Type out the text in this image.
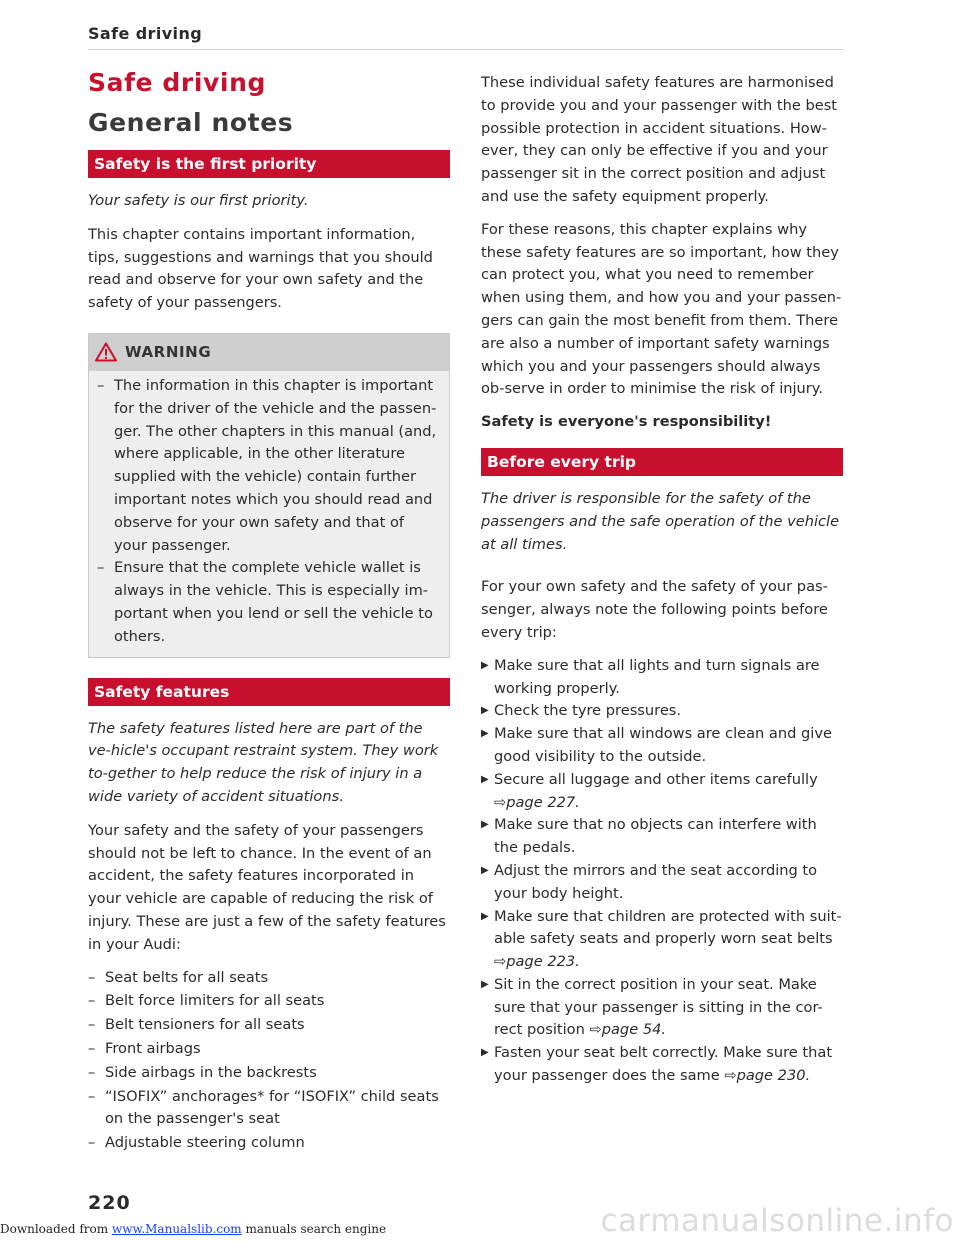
Safe driving
Safe driving
General notes
Safety is the first priority

Your safety is our first priority.

This chapter contains important information, tips, suggestions and warnings that you should read and observe for your own safety and the safety of your passengers.

WARNING
– The information in this chapter is important for the driver of the vehicle and the passen-ger. The other chapters in this manual (and, where applicable, in the other literature supplied with the vehicle) contain further important notes which you should read and observe for your own safety and that of your passenger.
– Ensure that the complete vehicle wallet is always in the vehicle. This is especially im-portant when you lend or sell the vehicle to others.
Safety features

The safety features listed here are part of the ve-hicle's occupant restraint system. They work to-gether to help reduce the risk of injury in a wide variety of accident situations.

Your safety and the safety of your passengers should not be left to chance. In the event of an accident, the safety features incorporated in your vehicle are capable of reducing the risk of injury. These are just a few of the safety features in your Audi:

– Seat belts for all seats
– Belt force limiters for all seats
– Belt tensioners for all seats
– Front airbags
– Side airbags in the backrests
– “ISOFIX” anchorages* for “ISOFIX” child seats on the passenger's seat
– Adjustable steering column

These individual safety features are harmonised to provide you and your passenger with the best possible protection in accident situations. How-ever, they can only be effective if you and your passenger sit in the correct position and adjust and use the safety equipment properly.

For these reasons, this chapter explains why these safety features are so important, how they can protect you, what you need to remember when using them, and how you and your passen-gers can gain the most benefit from them. There are also a number of important safety warnings which you and your passengers should always ob-serve in order to minimise the risk of injury.

Safety is everyone's responsibility!

Before every trip

The driver is responsible for the safety of the passengers and the safe operation of the vehicle at all times.

For your own safety and the safety of your pas-senger, always note the following points before every trip:

▶ Make sure that all lights and turn signals are working properly.
▶ Check the tyre pressures.
▶ Make sure that all windows are clean and give good visibility to the outside.
▶ Secure all luggage and other items carefully ⇨page 227.
▶ Make sure that no objects can interfere with the pedals.
▶ Adjust the mirrors and the seat according to your body height.
▶ Make sure that children are protected with suit-able safety seats and properly worn seat belts ⇨page 223.
▶ Sit in the correct position in your seat. Make sure that your passenger is sitting in the cor-rect position ⇨page 54.
▶ Fasten your seat belt correctly. Make sure that your passenger does the same ⇨page 230.
220
Downloaded from www.Manualslib.com manuals search engine	carmanualsonline.info
